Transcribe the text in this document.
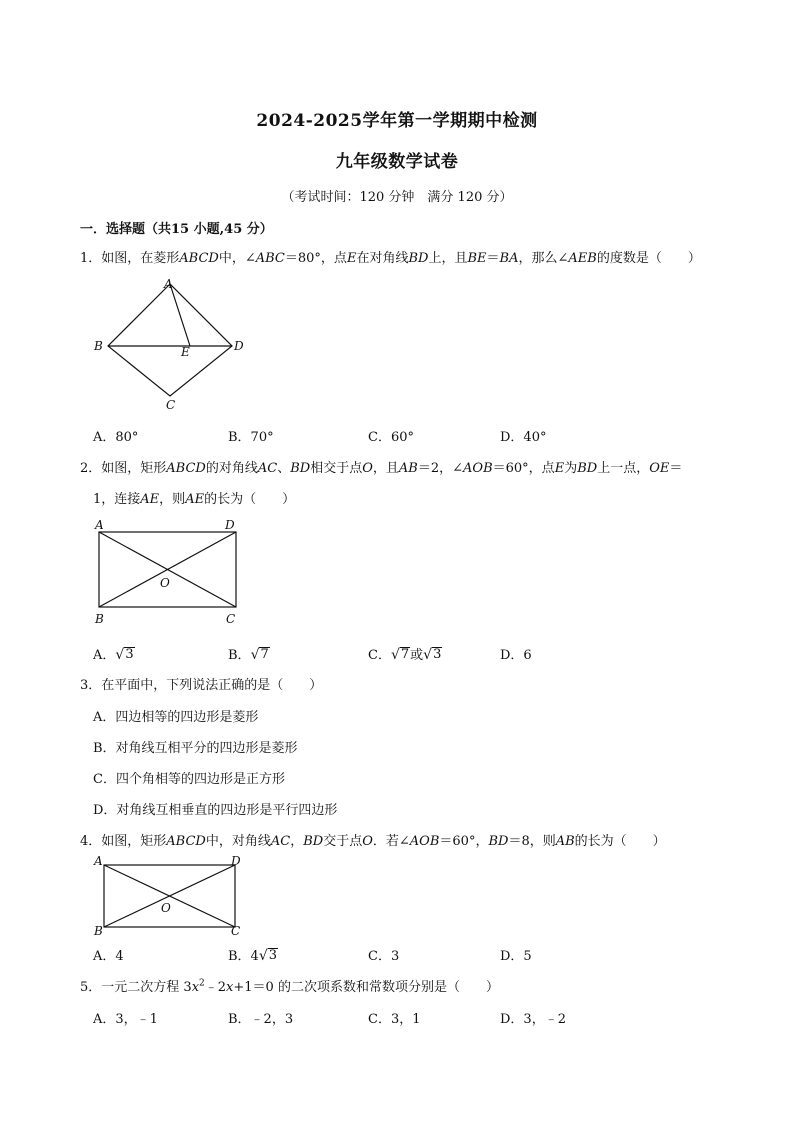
2024-2025学年第一学期期中检测
九年级数学试卷
（考试时间：120 分钟　满分 120 分）
一．选择题（共15 小题,45 分）
1．如图，在菱形ABCD中，∠ABC＝80°，点E在对角线BD上，且BE＝BA，那么∠AEB的度数是（　　）
A
B	E	D
C
A．80°	B．70°	C．60°	D．40°
2．如图，矩形ABCD的对角线AC、BD相交于点O，且AB＝2，∠AOB＝60°，点E为BD上一点，OE＝
1，连接AE，则AE的长为（　　）
A	D
O
B	C
A． √ 3	B． √ 7	C． √ 7 或 √ 3	D．6
3．在平面中，下列说法正确的是（　　）
A．四边相等的四边形是菱形
B．对角线互相平分的四边形是菱形
C．四个角相等的四边形是正方形
D．对角线互相垂直的四边形是平行四边形
4．如图，矩形ABCD中，对角线AC，BD交于点O．若∠AOB＝60°，BD＝8，则AB的长为（　　）
A	D
O
B	C
A．4	B．4 √ 3	C．3	D．5
5．一元二次方程 $3x^2﹣2x+1=0$ 的二次项系数和常数项分别是（　　）
A．3，﹣1	B．﹣2，3	C．3，1	D．3，﹣2
